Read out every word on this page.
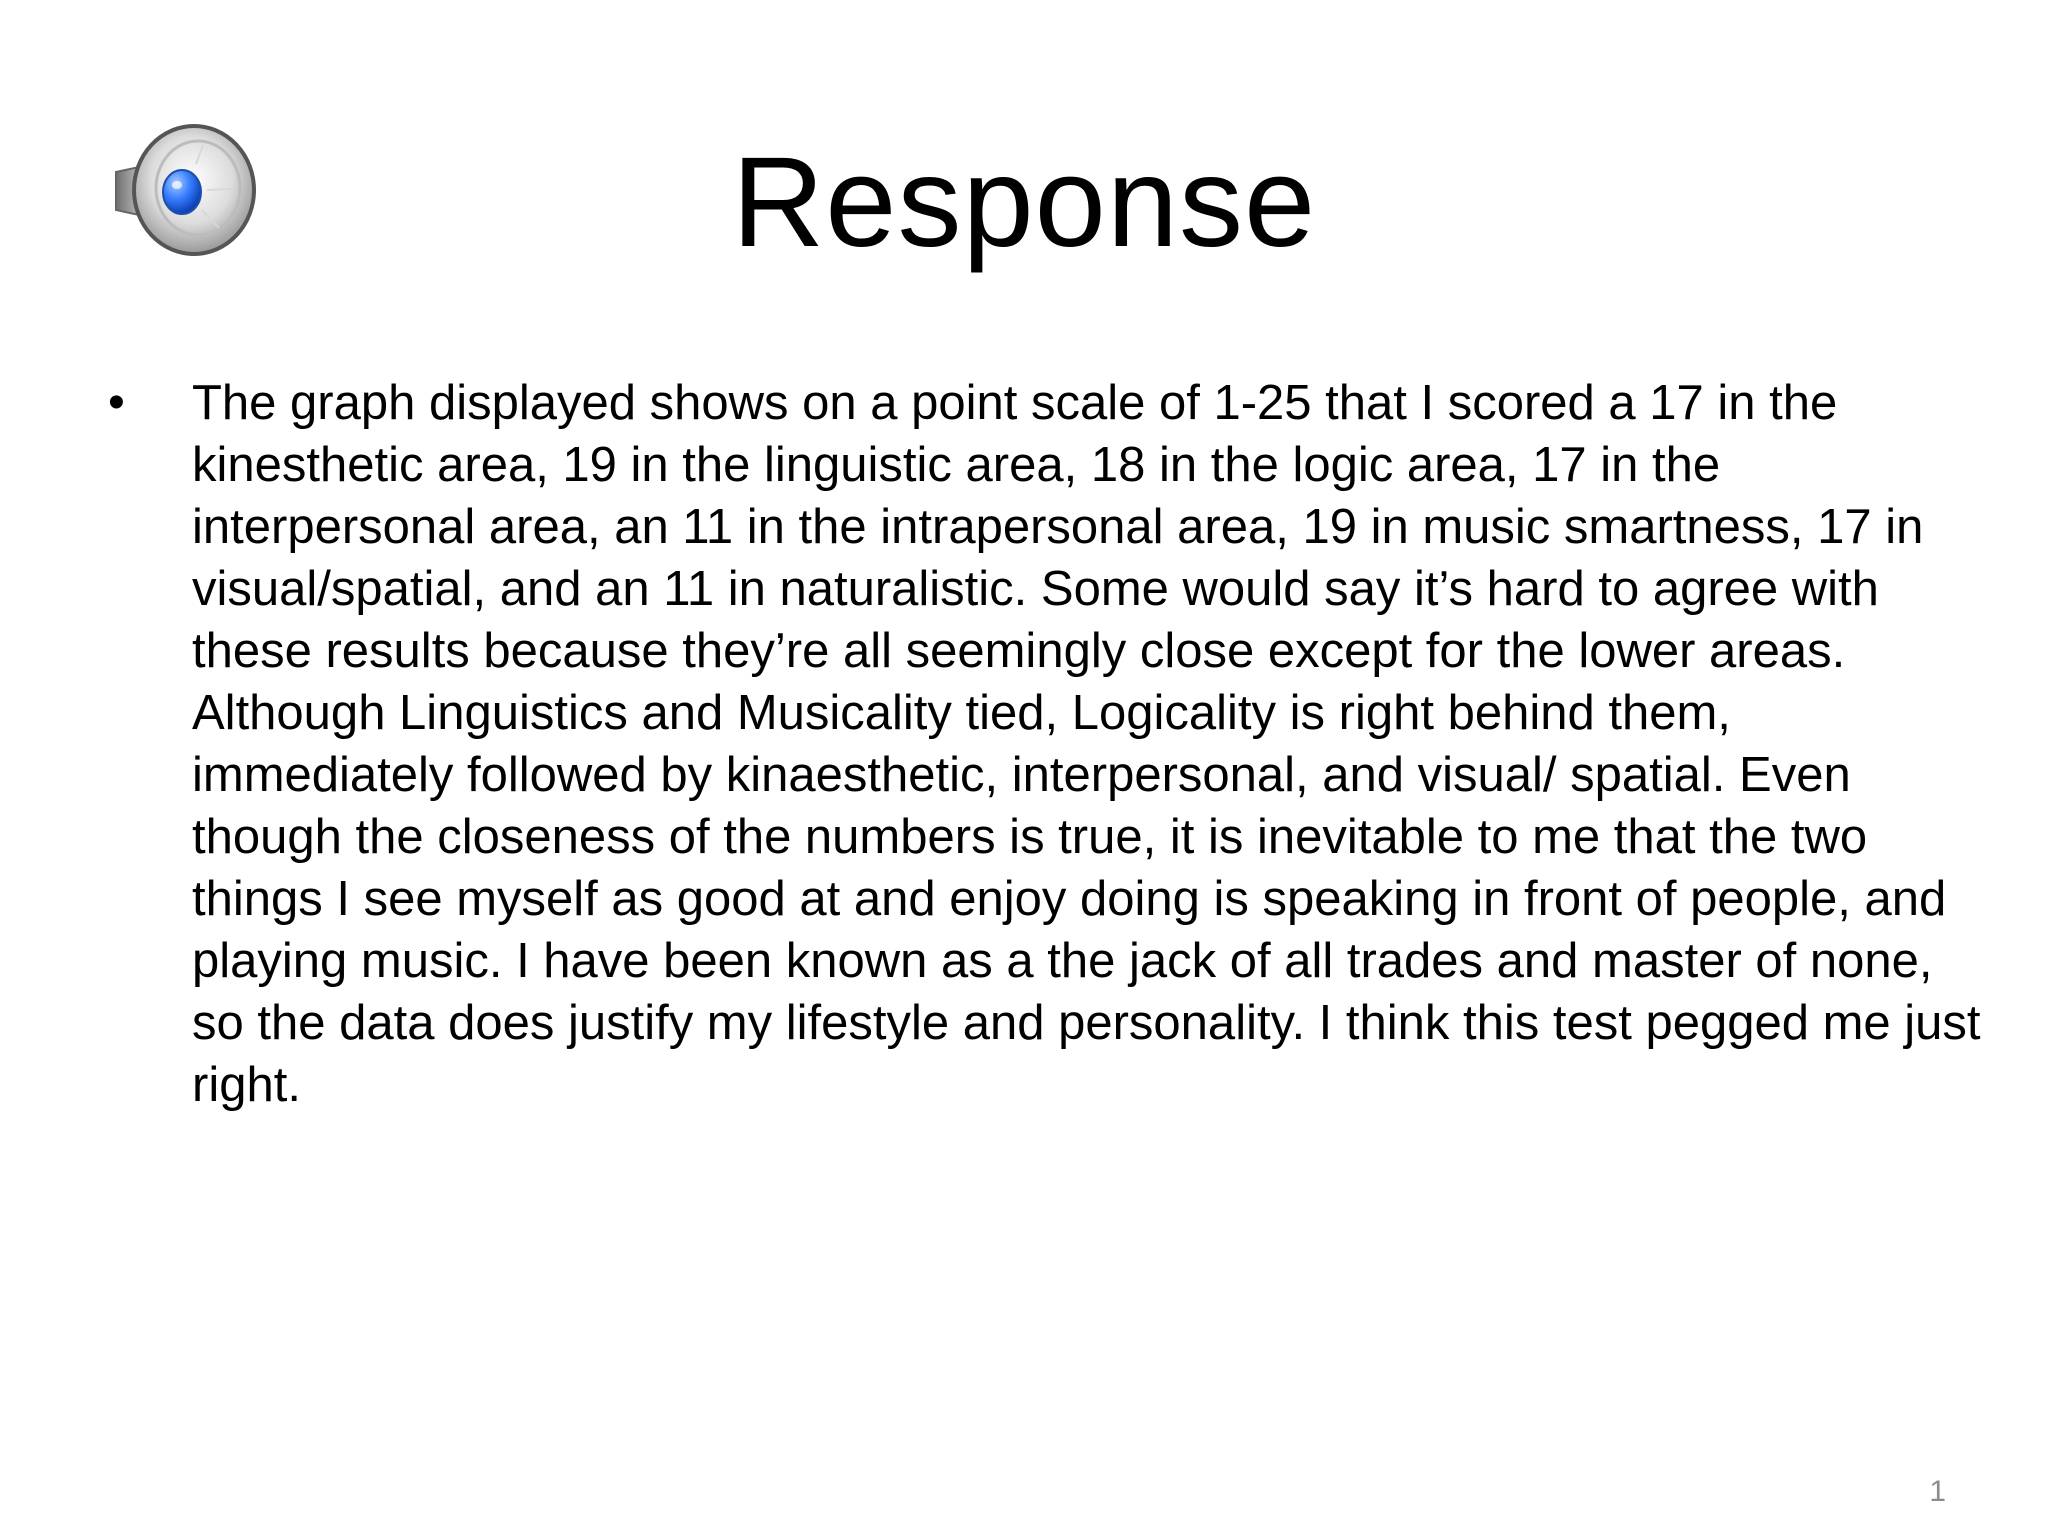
Response
• The graph displayed shows on a point scale of 1-25 that I scored a 17 in the kinesthetic area, 19 in the linguistic area, 18 in the logic area, 17 in the interpersonal area, an 11 in the intrapersonal area, 19 in music smartness, 17 in visual/spatial, and an 11 in naturalistic. Some would say it’s hard to agree with these results because they’re all seemingly close except for the lower areas. Although Linguistics and Musicality tied, Logicality is right behind them, immediately followed by kinaesthetic, interpersonal, and visual/ spatial. Even though the closeness of the numbers is true, it is inevitable to me that the two things I see myself as good at and enjoy doing is speaking in front of people, and playing music. I have been known as a the jack of all trades and master of none, so the data does justify my lifestyle and personality. I think this test pegged me just right.
1
